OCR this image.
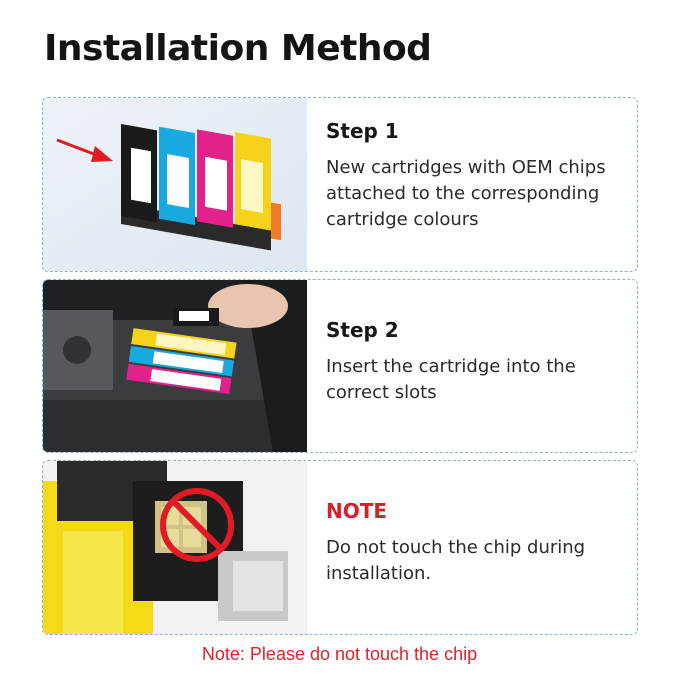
Installation Method

Step 1

New cartridges with OEM chips attached to the corresponding cartridge colours

Step 2

Insert the cartridge into the correct slots

NOTE

Do not touch the chip during installation.

Note: Please do not touch the chip
